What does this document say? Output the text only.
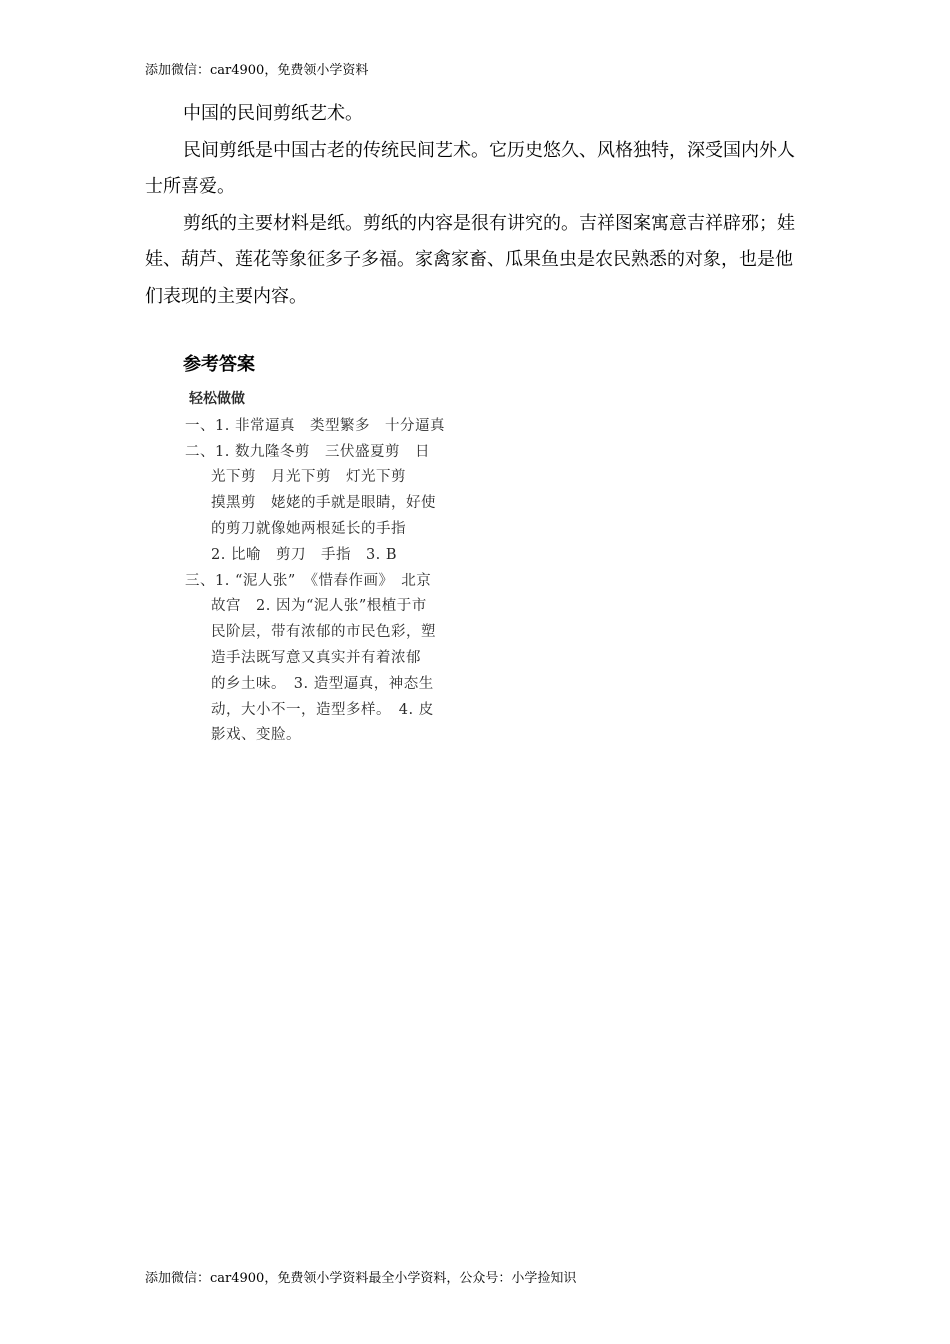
添加微信：car4900，免费领小学资料

中国的民间剪纸艺术。

民间剪纸是中国古老的传统民间艺术。它历史悠久、风格独特，深受国内外人士所喜爱。

剪纸的主要材料是纸。剪纸的内容是很有讲究的。吉祥图案寓意吉祥辟邪；娃娃、葫芦、莲花等象征多子多福。家禽家畜、瓜果鱼虫是农民熟悉的对象，也是他们表现的主要内容。

参考答案
轻松做做
一、1. 非常逼真　类型繁多　十分逼真
二、1. 数九隆冬剪　三伏盛夏剪　日
光下剪　月光下剪　灯光下剪
摸黑剪　姥姥的手就是眼睛，好使
的剪刀就像她两根延长的手指
2. 比喻　剪刀　手指　3. B
三、1. “泥人张”　《惜春作画》　北京
故宫　2. 因为“泥人张”根植于市
民阶层，带有浓郁的市民色彩，塑
造手法既写意又真实并有着浓郁
的乡土味。　3. 造型逼真，神态生
动，大小不一，造型多样。　4. 皮
影戏、变脸。
添加微信：car4900，免费领小学资料最全小学资料，公众号：小学捡知识
